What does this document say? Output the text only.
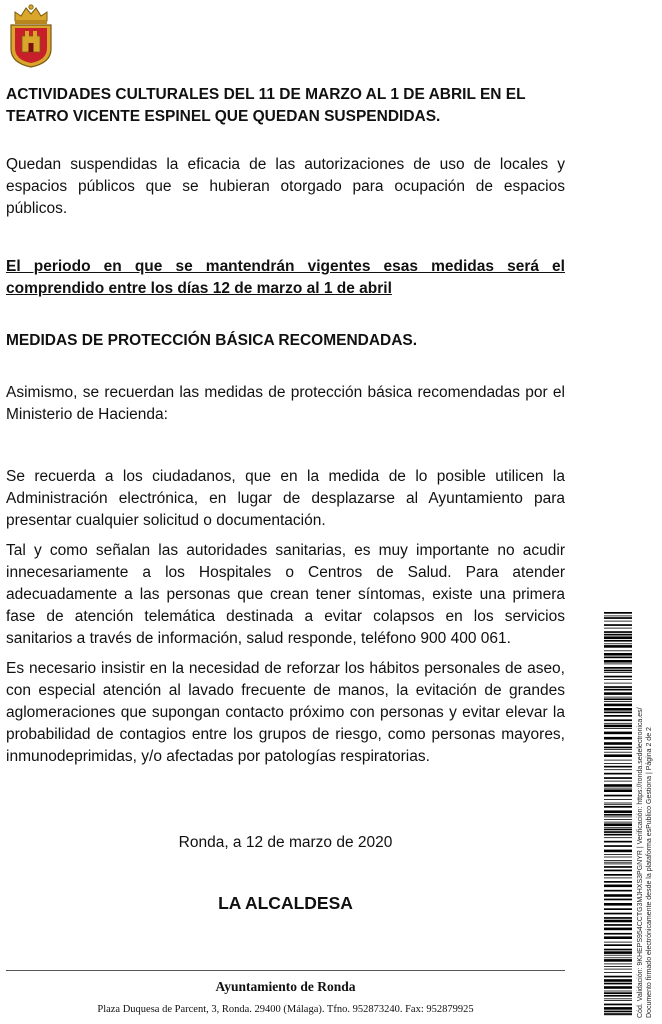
ACTIVIDADES CULTURALES DEL 11 DE MARZO AL 1 DE ABRIL EN EL TEATRO VICENTE ESPINEL QUE QUEDAN SUSPENDIDAS.

Quedan suspendidas la eficacia de las autorizaciones de uso de locales y espacios públicos que se hubieran otorgado para ocupación de espacios públicos.

El periodo en que se mantendrán vigentes esas medidas será el comprendido entre los días 12 de marzo al 1 de abril

MEDIDAS DE PROTECCIÓN BÁSICA RECOMENDADAS.

Asimismo, se recuerdan las medidas de protección básica recomendadas por el Ministerio de Hacienda:

Se recuerda a los ciudadanos, que en la medida de lo posible utilicen la Administración electrónica, en lugar de desplazarse al Ayuntamiento para presentar cualquier solicitud o documentación.

Tal y como señalan las autoridades sanitarias, es muy importante no acudir innecesariamente a los Hospitales o Centros de Salud. Para atender adecuadamente a las personas que crean tener síntomas, existe una primera fase de atención telemática destinada a evitar colapsos en los servicios sanitarios a través de información, salud responde, teléfono 900 400 061.

Es necesario insistir en la necesidad de reforzar los hábitos personales de aseo, con especial atención al lavado frecuente de manos, la evitación de grandes aglomeraciones que supongan contacto próximo con personas y evitar elevar la probabilidad de contagios entre los grupos de riesgo, como personas mayores, inmunodeprimidas, y/o afectadas por patologías respiratorias.

Ronda, a 12 de marzo de 2020

LA ALCALDESA

Ayuntamiento de Ronda
Plaza Duquesa de Parcent, 3, Ronda. 29400 (Málaga). Tfno. 952873240. Fax: 952879925	Cód. Validación: 9KHEPS954CCTG3MJHXS3PGNYR | Verificación: https://ronda.sedelectronica.es/ Documento firmado electrónicamente desde la plataforma esPublico Gestiona | Página 2 de 2
